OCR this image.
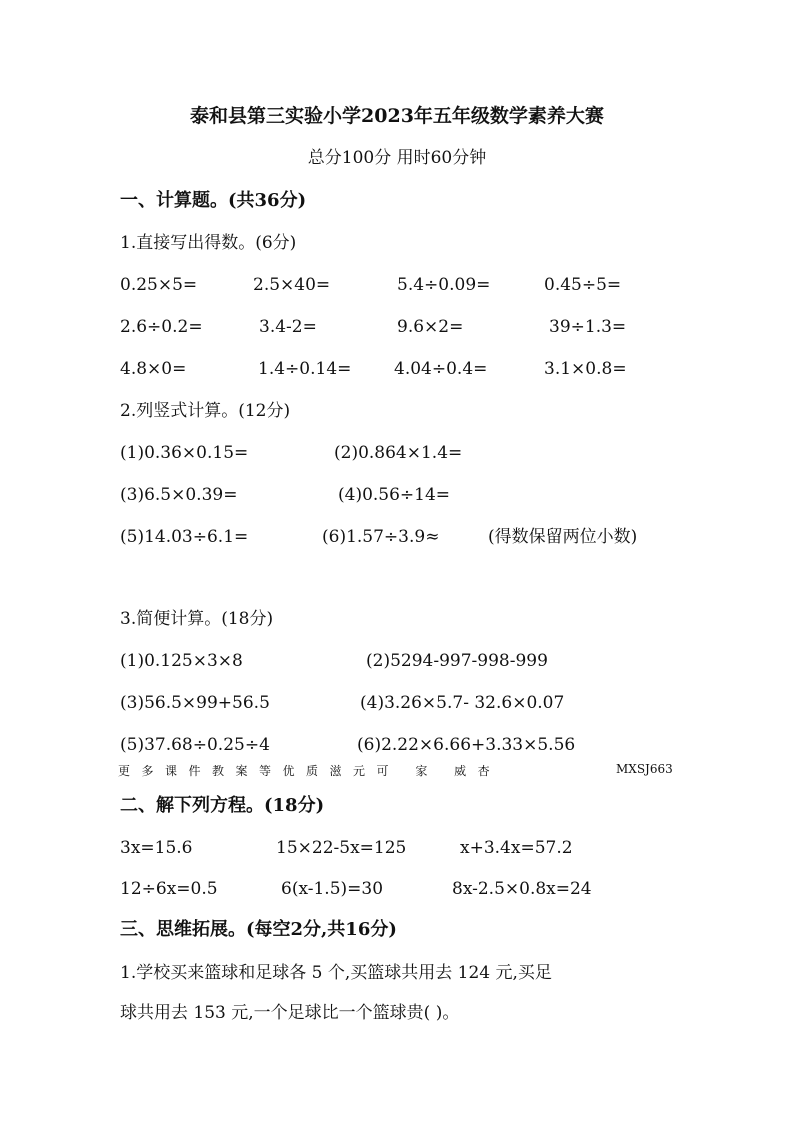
泰和县第三实验小学2023年五年级数学素养大赛
总分100分 用时60分钟
一、计算题。(共36分)
1.直接写出得数。(6分)
0.25×5=	2.5×40=	5.4÷0.09=	0.45÷5=
2.6÷0.2=	3.4-2=	9.6×2=	39÷1.3=
4.8×0=	1.4÷0.14=	4.04÷0.4=	3.1×0.8=
2.列竖式计算。(12分)
(1)0.36×0.15=	(2)0.864×1.4=
(3)6.5×0.39=	(4)0.56÷14=
(5)14.03÷6.1=	(6)1.57÷3.9≈	(得数保留两位小数)
3.简便计算。(18分)
(1)0.125×3×8	(2)5294-997-998-999
(3)56.5×99+56.5	(4)3.26×5.7- 32.6×0.07
(5)37.68÷0.25÷4	(6)2.22×6.66+3.33×5.56
更多课件教案等优质滋元可 家 威杏	MXSJ663
二、解下列方程。(18分)
3x=15.6	15×22-5x=125	x+3.4x=57.2
12÷6x=0.5	6(x-1.5)=30	8x-2.5×0.8x=24
三、思维拓展。(每空2分,共16分)
1.学校买来篮球和足球各 5 个,买篮球共用去 124 元,买足
球共用去 153 元,一个足球比一个篮球贵( )。
